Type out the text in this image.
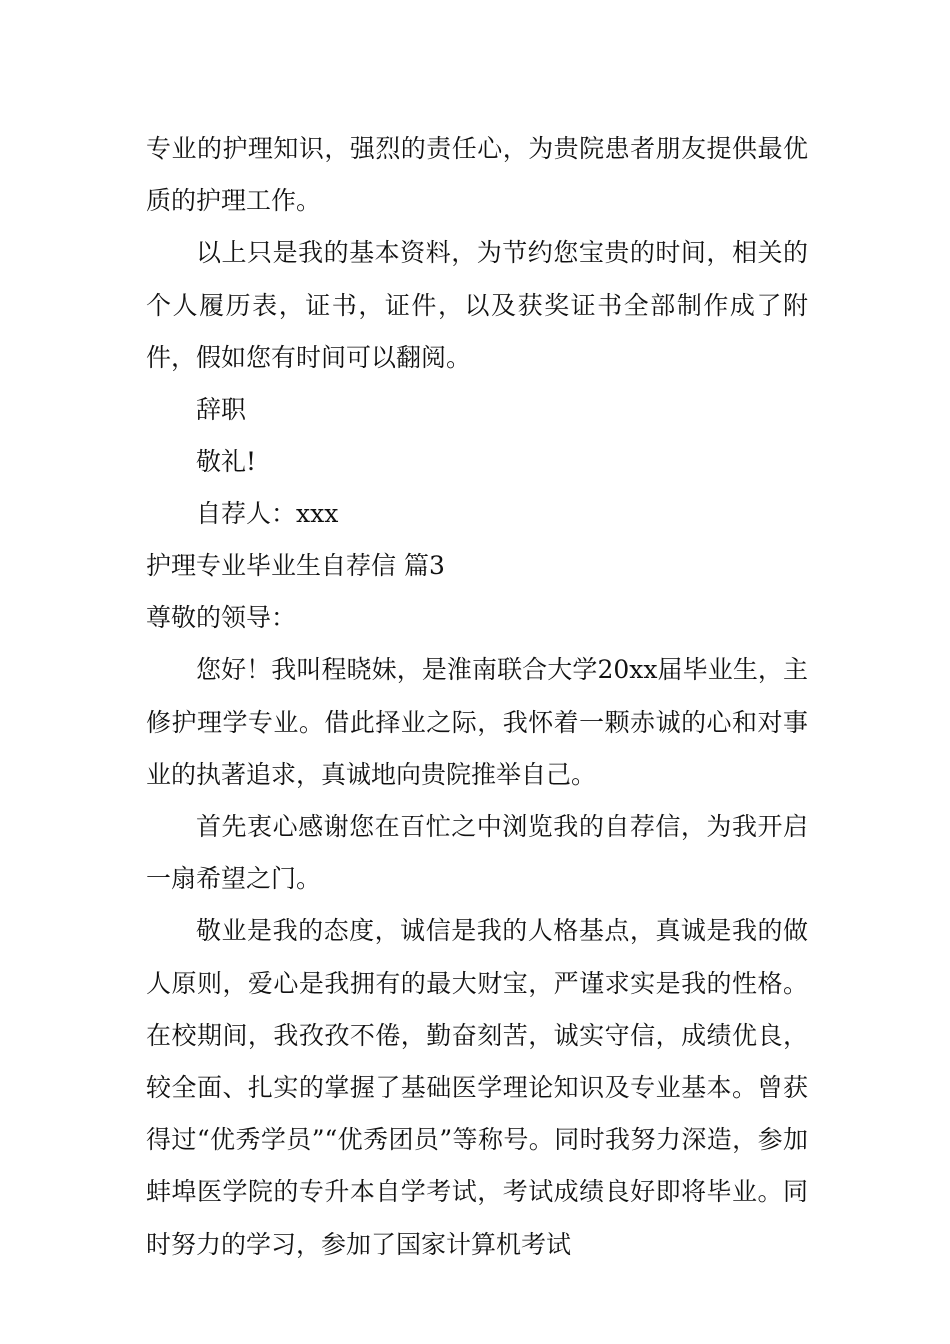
专业的护理知识，强烈的责任心，为贵院患者朋友提供最优质的护理工作。

以上只是我的基本资料，为节约您宝贵的时间，相关的个人履历表，证书，证件，以及获奖证书全部制作成了附件，假如您有时间可以翻阅。

辞职

敬礼!

自荐人：xxx

护理专业毕业生自荐信 篇3

尊敬的领导：

您好！我叫程晓妹，是淮南联合大学20xx届毕业生，主修护理学专业。借此择业之际，我怀着一颗赤诚的心和对事业的执著追求，真诚地向贵院推举自己。

首先衷心感谢您在百忙之中浏览我的自荐信，为我开启一扇希望之门。

敬业是我的态度，诚信是我的人格基点，真诚是我的做人原则，爱心是我拥有的最大财宝，严谨求实是我的性格。在校期间，我孜孜不倦，勤奋刻苦，诚实守信，成绩优良，较全面、扎实的掌握了基础医学理论知识及专业基本。曾获得过“优秀学员”“优秀团员”等称号。同时我努力深造，参加蚌埠医学院的专升本自学考试，考试成绩良好即将毕业。同时努力的学习，参加了国家计算机考试
